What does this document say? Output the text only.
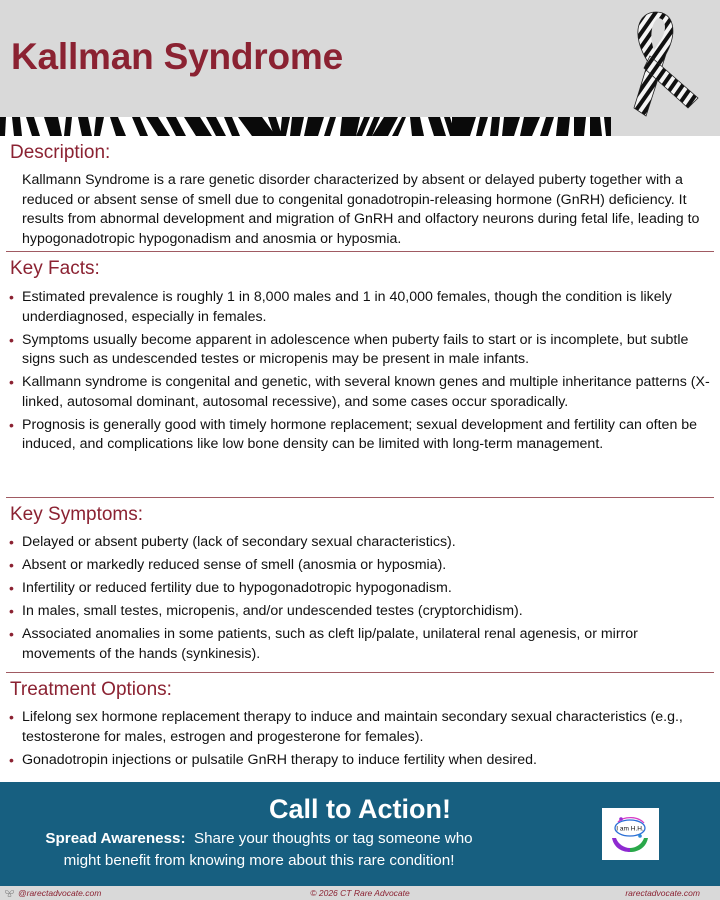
Kallman Syndrome
Description:

Kallmann Syndrome is a rare genetic disorder characterized by absent or delayed puberty together with a reduced or absent sense of smell due to congenital gonadotropin-releasing hormone (GnRH) deficiency. It results from abnormal development and migration of GnRH and olfactory neurons during fetal life, leading to hypogonadotropic hypogonadism and anosmia or hyposmia.

Key Facts:
• Estimated prevalence is roughly 1 in 8,000 males and 1 in 40,000 females, though the condition is likely underdiagnosed, especially in females.
• Symptoms usually become apparent in adolescence when puberty fails to start or is incomplete, but subtle signs such as undescended testes or micropenis may be present in male infants.
• Kallmann syndrome is congenital and genetic, with several known genes and multiple inheritance patterns (X-linked, autosomal dominant, autosomal recessive), and some cases occur sporadically.
• Prognosis is generally good with timely hormone replacement; sexual development and fertility can often be induced, and complications like low bone density can be limited with long-term management.
Key Symptoms:
• Delayed or absent puberty (lack of secondary sexual characteristics).
• Absent or markedly reduced sense of smell (anosmia or hyposmia).
• Infertility or reduced fertility due to hypogonadotropic hypogonadism.
• In males, small testes, micropenis, and/or undescended testes (cryptorchidism).
• Associated anomalies in some patients, such as cleft lip/palate, unilateral renal agenesis, or mirror movements of the hands (synkinesis).
Treatment Options:
• Lifelong sex hormone replacement therapy to induce and maintain secondary sexual characteristics (e.g., testosterone for males, estrogen and progesterone for females).
• Gonadotropin injections or pulsatile GnRH therapy to induce fertility when desired.
Call to Action!

Spread Awareness: Share your thoughts or tag someone who
might benefit from knowing more about this rare condition!

I am H.H.
@rarectadvocate.com	© 2026 CT Rare Advocate	rarectadvocate.com
